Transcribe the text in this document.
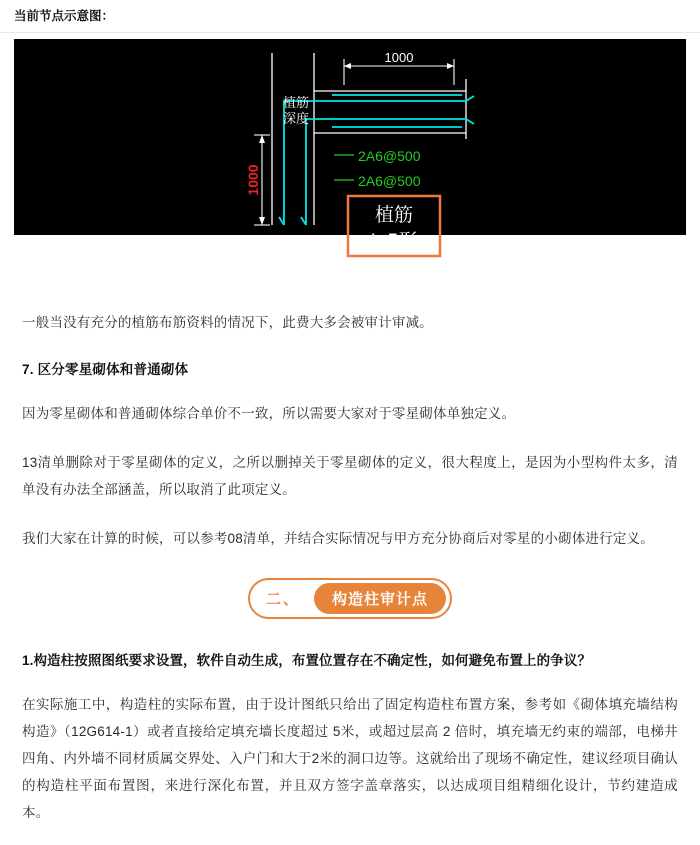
当前节点示意图：
1000
植筋
深度
1000
2A6@500
2A6@500
植筋
L-5形

一般当没有充分的植筋布筋资料的情况下，此费大多会被审计审减。

7. 区分零星砌体和普通砌体

因为零星砌体和普通砌体综合单价不一致，所以需要大家对于零星砌体单独定义。

13清单删除对于零星砌体的定义，之所以删掉关于零星砌体的定义，很大程度上，是因为小型构件太多，清单没有办法全部涵盖，所以取消了此项定义。

我们大家在计算的时候，可以参考08清单，并结合实际情况与甲方充分协商后对零星的小砌体进行定义。

二、	构造柱审计点
1.构造柱按照图纸要求设置，软件自动生成，布置位置存在不确定性，如何避免布置上的争议？

在实际施工中，构造柱的实际布置，由于设计图纸只给出了固定构造柱布置方案，参考如《砌体填充墙结构构造》（12G614-1）或者直接给定填充墙长度超过 5米，或超过层高 2 倍时，填充墙无约束的端部，电梯井四角、内外墙不同材质属交界处、入户门和大于2米的洞口边等。这就给出了现场不确定性，建议经项目确认的构造柱平面布置图，来进行深化布置，并且双方签字盖章落实，以达成项目组精细化设计，节约建造成本。
